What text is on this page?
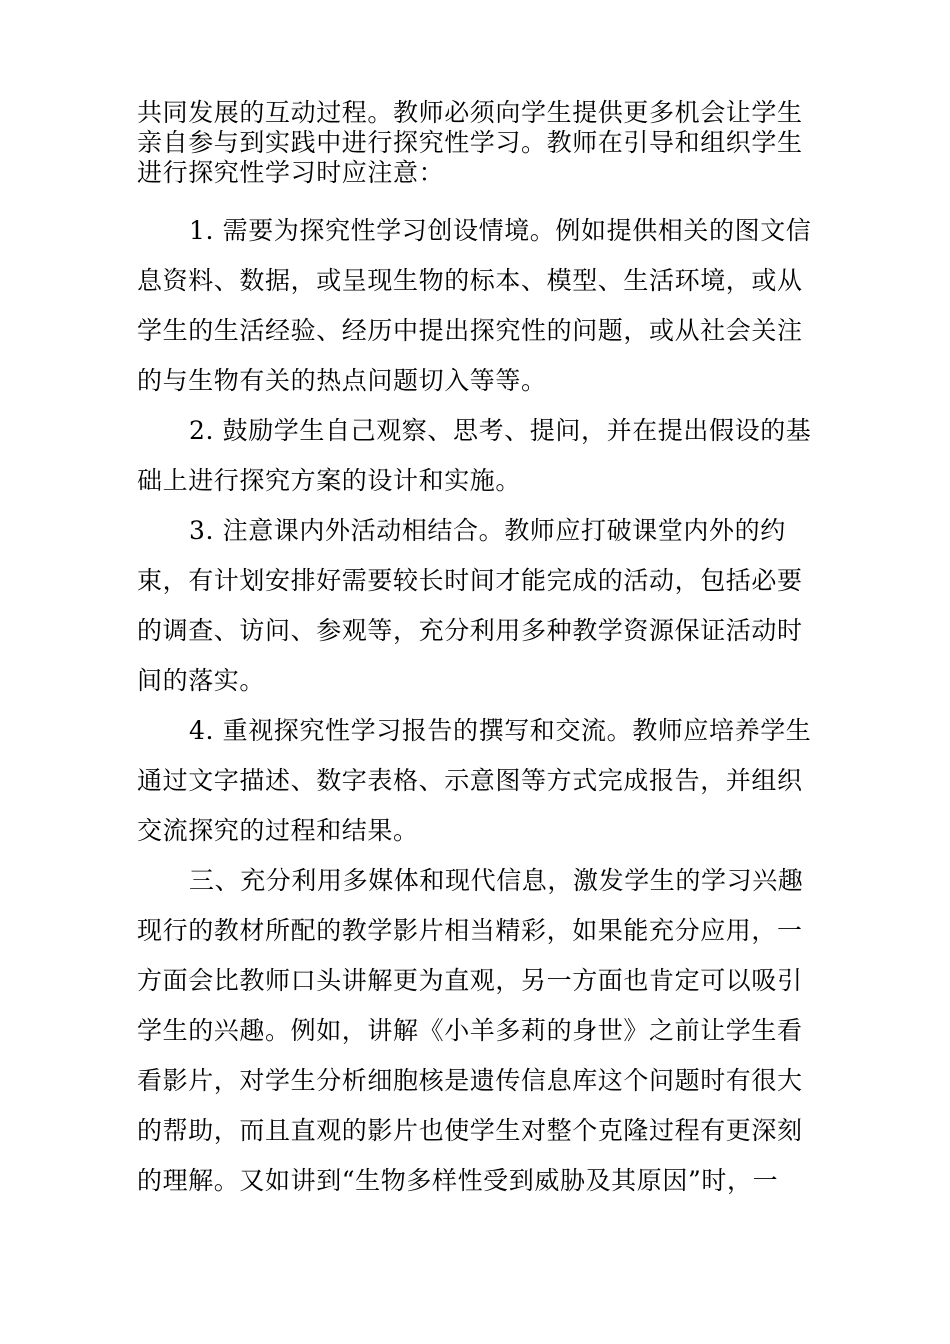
共同发展的互动过程。教师必须向学生提供更多机会让学生亲自参与到实践中进行探究性学习。教师在引导和组织学生进行探究性学习时应注意：

1. 需要为探究性学习创设情境。例如提供相关的图文信息资料、数据，或呈现生物的标本、模型、生活环境，或从学生的生活经验、经历中提出探究性的问题，或从社会关注的与生物有关的热点问题切入等等。

2. 鼓励学生自己观察、思考、提问，并在提出假设的基础上进行探究方案的设计和实施。

3. 注意课内外活动相结合。教师应打破课堂内外的约束，有计划安排好需要较长时间才能完成的活动，包括必要的调查、访问、参观等，充分利用多种教学资源保证活动时间的落实。

4. 重视探究性学习报告的撰写和交流。教师应培养学生通过文字描述、数字表格、示意图等方式完成报告，并组织交流探究的过程和结果。

三、充分利用多媒体和现代信息，激发学生的学习兴趣现行的教材所配的教学影片相当精彩，如果能充分应用，一方面会比教师口头讲解更为直观，另一方面也肯定可以吸引学生的兴趣。例如，讲解《小羊多莉的身世》之前让学生看看影片，对学生分析细胞核是遗传信息库这个问题时有很大的帮助，而且直观的影片也使学生对整个克隆过程有更深刻的理解。又如讲到“生物多样性受到威胁及其原因”时，一
